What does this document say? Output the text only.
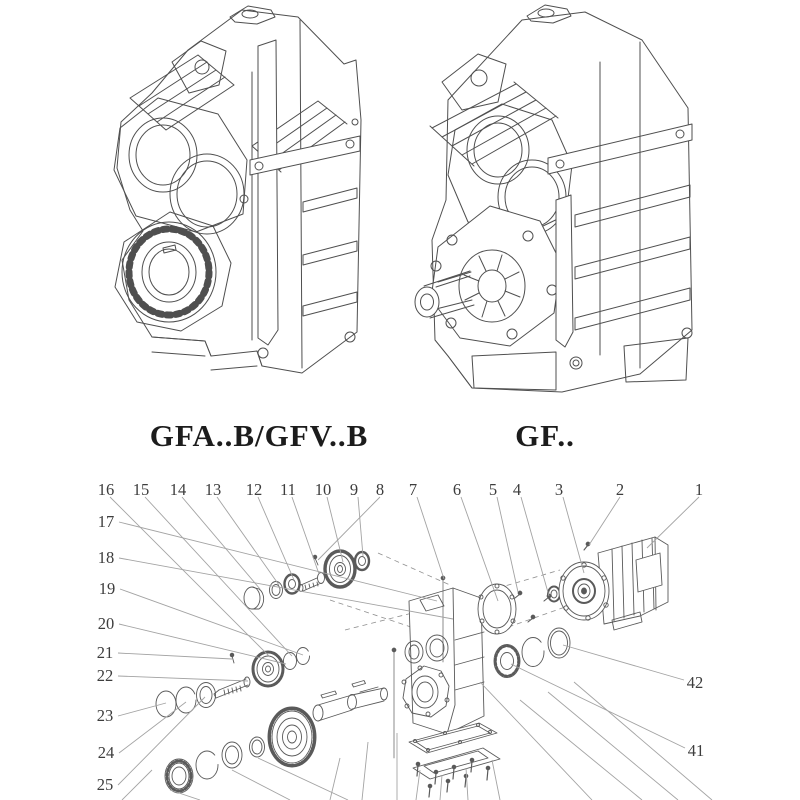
GFA..B/GFV..B	GF..
1
2
3
4
5
6
7
8
9
10
11
12
13
14
15
16
17
18
19
20
21
22
23
24
25
42
41
